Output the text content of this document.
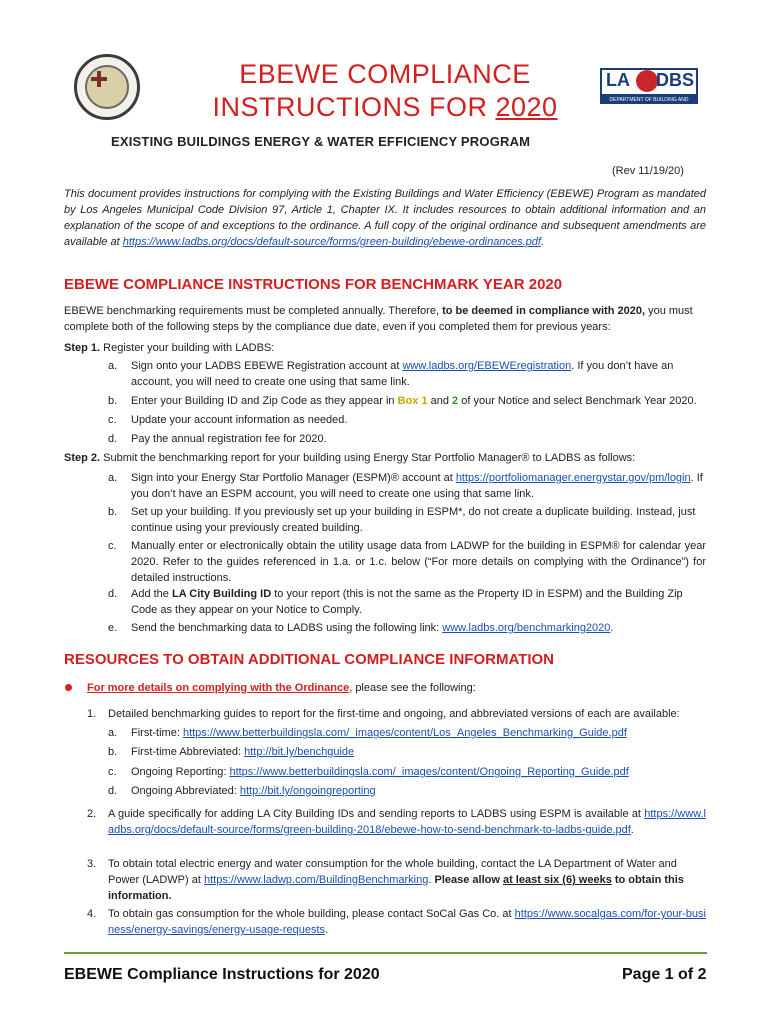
EBEWE COMPLIANCE
INSTRUCTIONS FOR 2020
LA DBS
DEPARTMENT OF BUILDING AND SAFETY
EXISTING BUILDINGS ENERGY & WATER EFFICIENCY PROGRAM
(Rev 11/19/20)
This document provides instructions for complying with the Existing Buildings and Water Efficiency (EBEWE) Program as mandated by Los Angeles Municipal Code Division 97, Article 1, Chapter IX. It includes resources to obtain additional information and an explanation of the scope of and exceptions to the ordinance. A full copy of the original ordinance and subsequent amendments are available at https://www.ladbs.org/docs/default-source/forms/green-building/ebewe-ordinances.pdf.
EBEWE COMPLIANCE INSTRUCTIONS FOR BENCHMARK YEAR 2020
EBEWE benchmarking requirements must be completed annually. Therefore, to be deemed in compliance with 2020, you must complete both of the following steps by the compliance due date, even if you completed them for previous years:
Step 1. Register your building with LADBS:
a. Sign onto your LADBS EBEWE Registration account at www.ladbs.org/EBEWEregistration. If you don’t have an account, you will need to create one using that same link.
b. Enter your Building ID and Zip Code as they appear in Box 1 and 2 of your Notice and select Benchmark Year 2020.
c. Update your account information as needed.
d. Pay the annual registration fee for 2020.
Step 2. Submit the benchmarking report for your building using Energy Star Portfolio Manager® to LADBS as follows:
a. Sign into your Energy Star Portfolio Manager (ESPM)® account at https://portfoliomanager.energystar.gov/pm/login. If you don’t have an ESPM account, you will need to create one using that same link.
b. Set up your building. If you previously set up your building in ESPM*, do not create a duplicate building. Instead, just continue using your previously created building.
c. Manually enter or electronically obtain the utility usage data from LADWP for the building in ESPM® for calendar year 2020. Refer to the guides referenced in 1.a. or 1.c. below (“For more details on complying with the Ordinance”) for detailed instructions.
d. Add the LA City Building ID to your report (this is not the same as the Property ID in ESPM) and the Building Zip Code as they appear on your Notice to Comply.
e. Send the benchmarking data to LADBS using the following link: www.ladbs.org/benchmarking2020.
RESOURCES TO OBTAIN ADDITIONAL COMPLIANCE INFORMATION
For more details on complying with the Ordinance, please see the following:
1. Detailed benchmarking guides to report for the first-time and ongoing, and abbreviated versions of each are available:
a. First-time: https://www.betterbuildingsla.com/_images/content/Los_Angeles_Benchmarking_Guide.pdf
b. First-time Abbreviated: http://bit.ly/benchguide
c. Ongoing Reporting: https://www.betterbuildingsla.com/_images/content/Ongoing_Reporting_Guide.pdf
d. Ongoing Abbreviated: http://bit.ly/ongoingreporting
2. A guide specifically for adding LA City Building IDs and sending reports to LADBS using ESPM is available at https://www.ladbs.org/docs/default-source/forms/green-building-2018/ebewe-how-to-send-benchmark-to-ladbs-guide.pdf.
3. To obtain total electric energy and water consumption for the whole building, contact the LA Department of Water and Power (LADWP) at https://www.ladwp.com/BuildingBenchmarking. Please allow at least six (6) weeks to obtain this information.
4. To obtain gas consumption for the whole building, please contact SoCal Gas Co. at https://www.socalgas.com/for-your-business/energy-savings/energy-usage-requests.
EBEWE Compliance Instructions for 2020	Page 1 of 2
